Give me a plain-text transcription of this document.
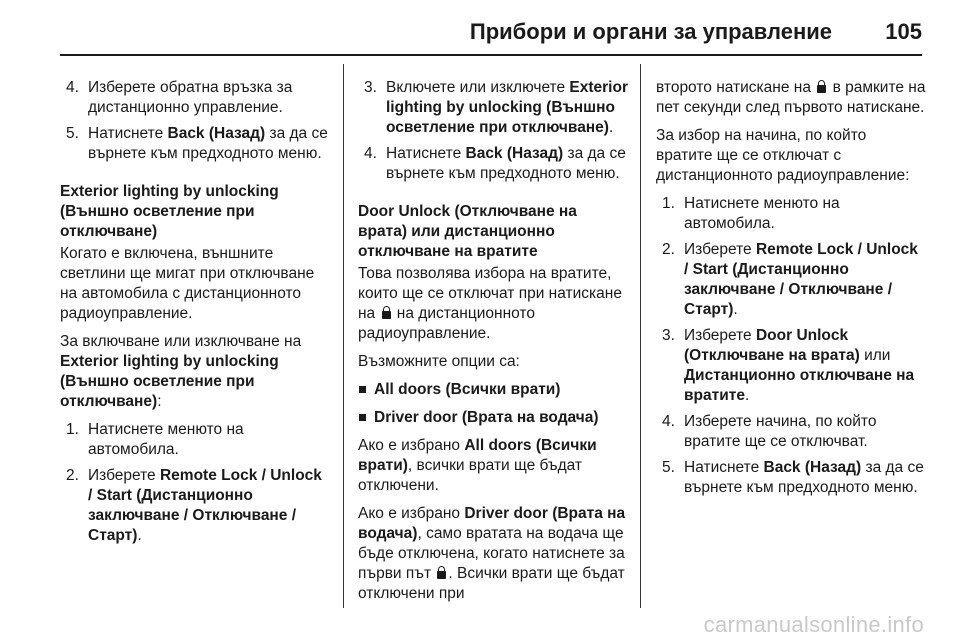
Прибори и органи за управление 105
4. Изберете обратна връзка за дистанционно управление.
5. Натиснете Back (Назад) за да се върнете към предходното меню.

Exterior lighting by unlocking (Външно осветление при отключване)

Когато е включена, външните светлини ще мигат при отключване на автомобила с дистанционното радиоуправление.

За включване или изключване на Exterior lighting by unlocking (Външно осветление при отключване):

1. Натиснете менюто на автомобила.
2. Изберете Remote Lock / Unlock / Start (Дистанционно заключване / Отключване / Старт).
3. Включете или изключете Exterior lighting by unlocking (Външно осветление при отключване).
4. Натиснете Back (Назад) за да се върнете към предходното меню.

Door Unlock (Отключване на врата) или дистанционно отключване на вратите

Това позволява избора на вратите, които ще се отключат при натискане на  на дистанционното радиоуправление.

Възможните опции са:

All doors (Всички врати)
Driver door (Врата на водача)

Ако е избрано All doors (Всички врати), всички врати ще бъдат отключени.

Ако е избрано Driver door (Врата на водача), само вратата на водача ще бъде отключена, когато натиснете за първи път . Всички врати ще бъдат отключени при

второто натискане на  в рамките на пет секунди след първото натискане.

За избор на начина, по който вратите ще се отключат с дистанционното радиоуправление:

1. Натиснете менюто на автомобила.
2. Изберете Remote Lock / Unlock / Start (Дистанционно заключване / Отключване / Старт).
3. Изберете Door Unlock (Отключване на врата) или Дистанционно отключване на вратите.
4. Изберете начина, по който вратите ще се отключват.
5. Натиснете Back (Назад) за да се върнете към предходното меню.
carmanualsonline.info
